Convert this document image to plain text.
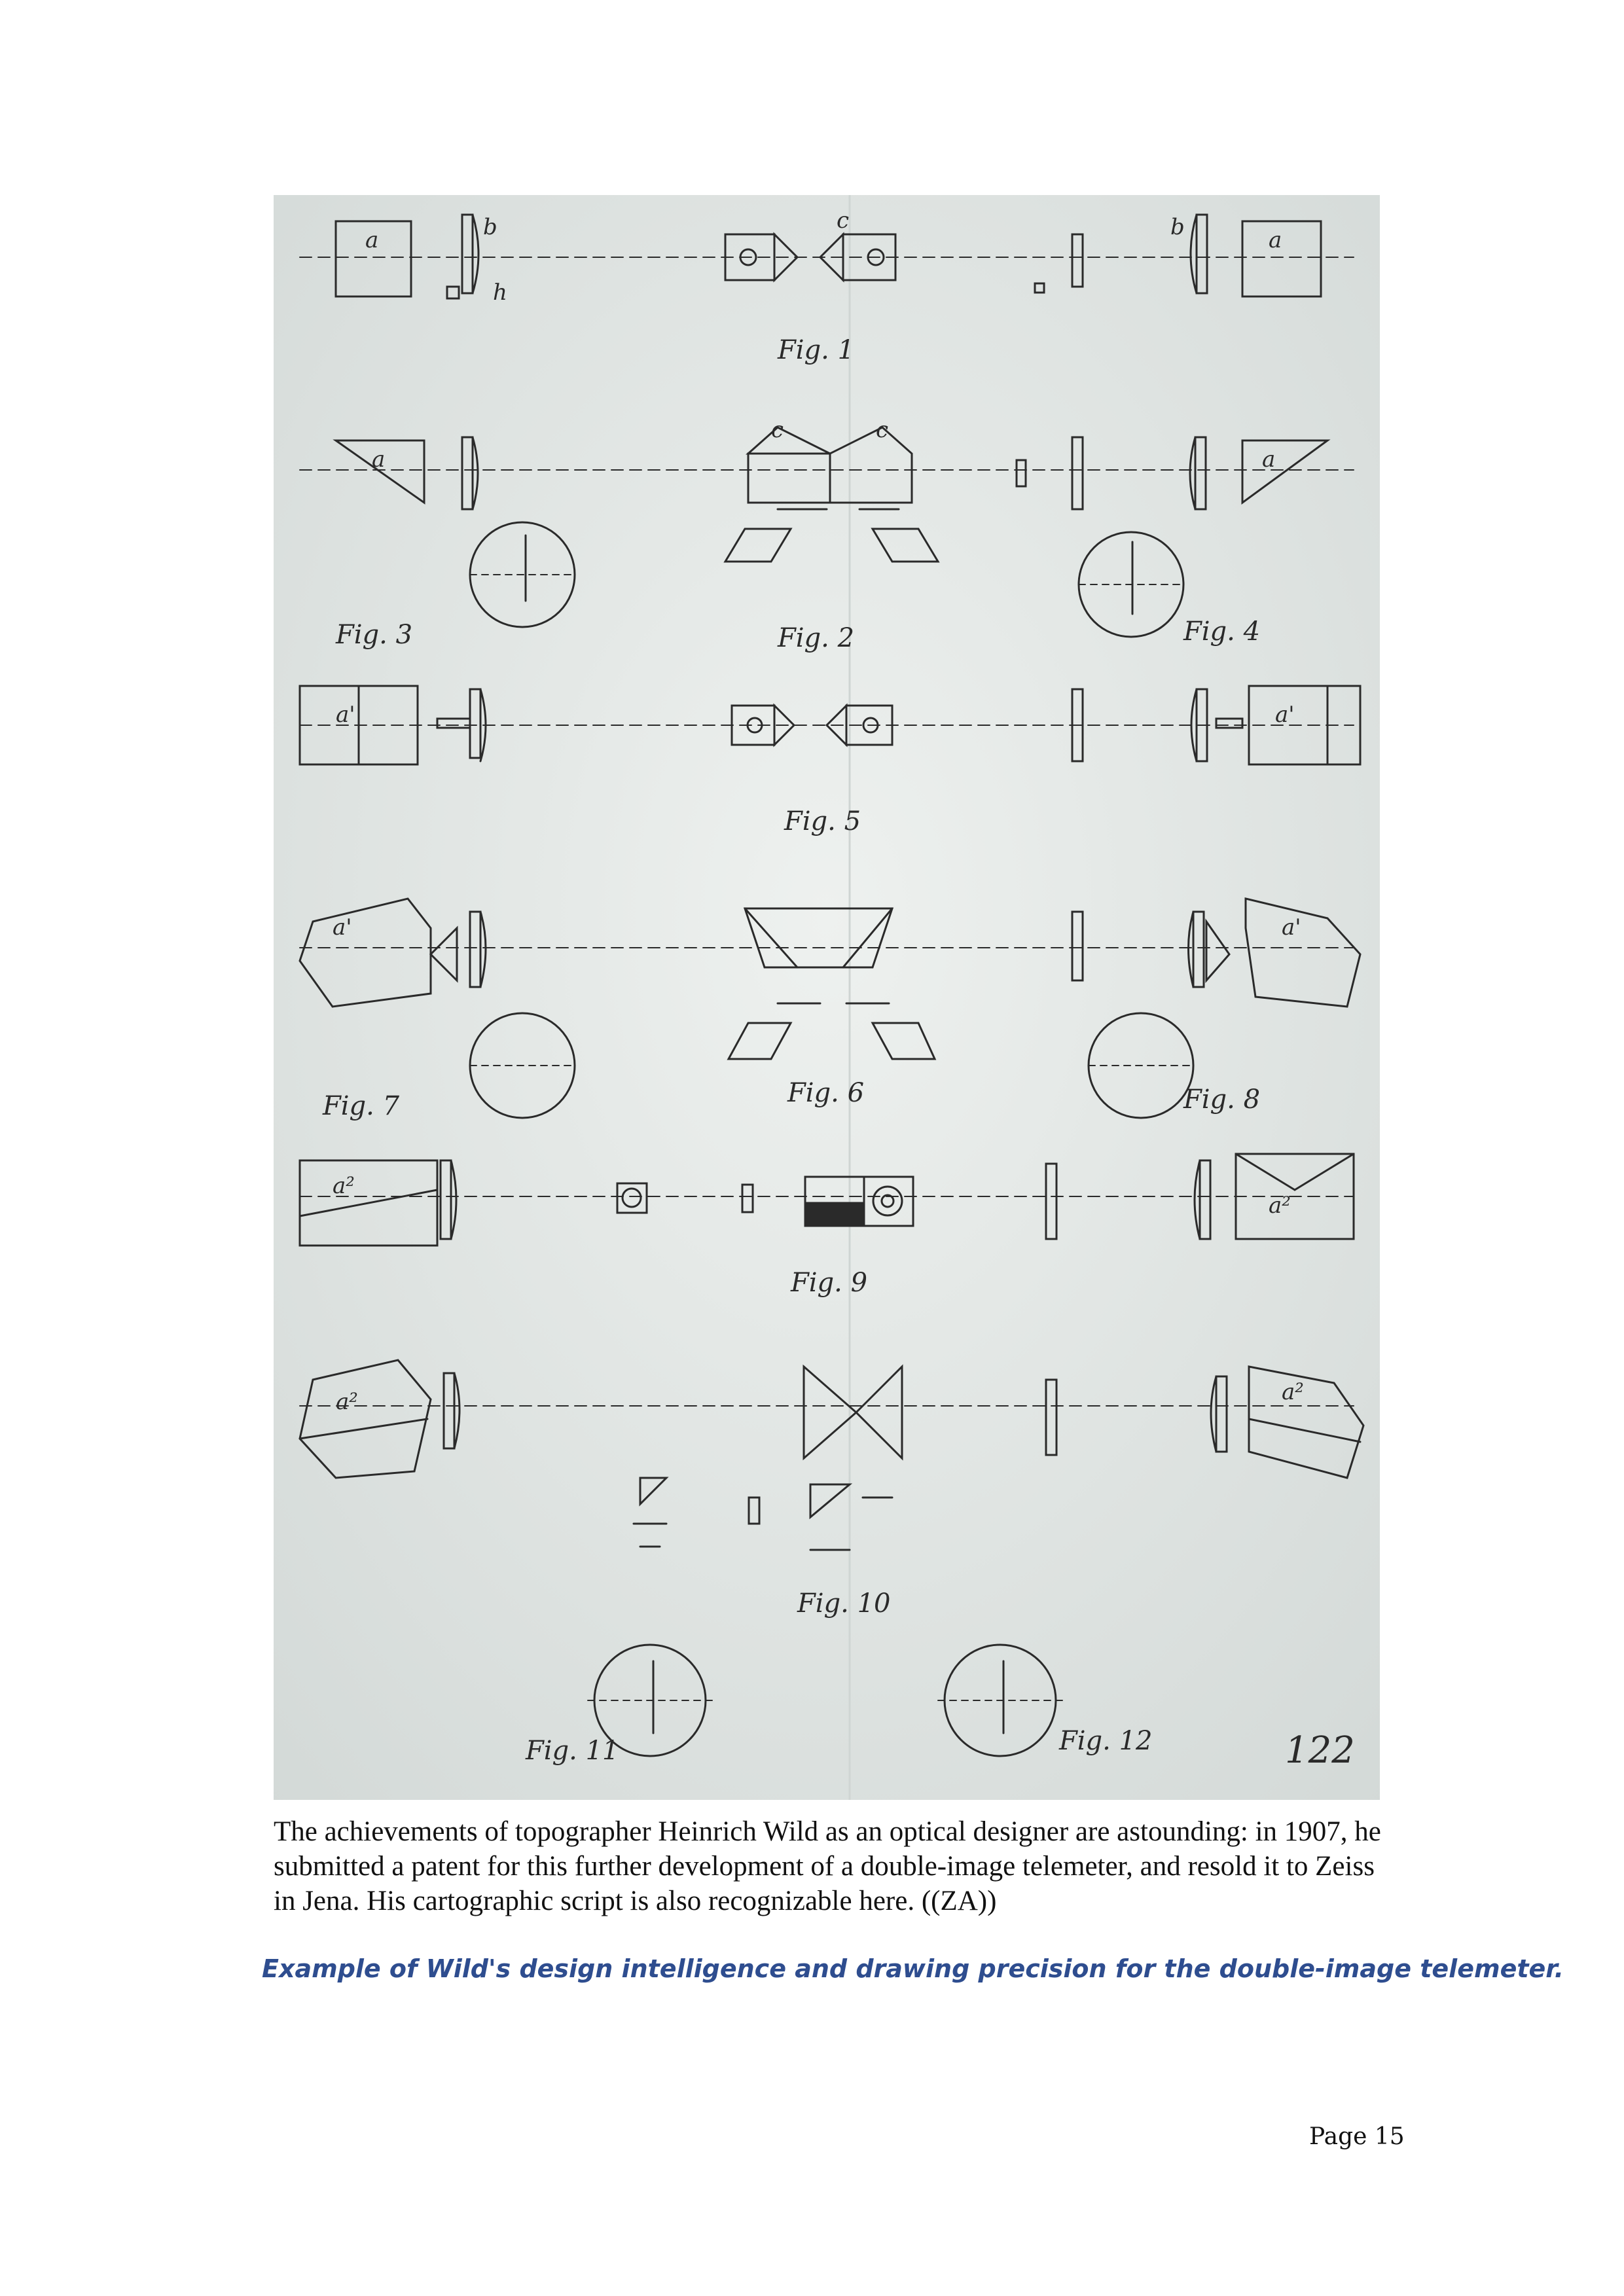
Fig. 1
Fig. 2
Fig. 3	Fig. 4
Fig. 5
Fig. 6
Fig. 7	Fig. 8
Fig. 9
Fig. 10
Fig. 11	Fig. 12	122
a	b
h
a
b
a	a
a'	a'
a'	a'
a²
a²
a²	a²
c
c	c

The achievements of topographer Heinrich Wild as an optical designer are astounding: in 1907, he submitted a patent for this further development of a double-image telemeter, and resold it to Zeiss in Jena. His cartographic script is also recognizable here. ((ZA))

Example of Wild's design intelligence and drawing precision for the double-image telemeter.

Page 15
